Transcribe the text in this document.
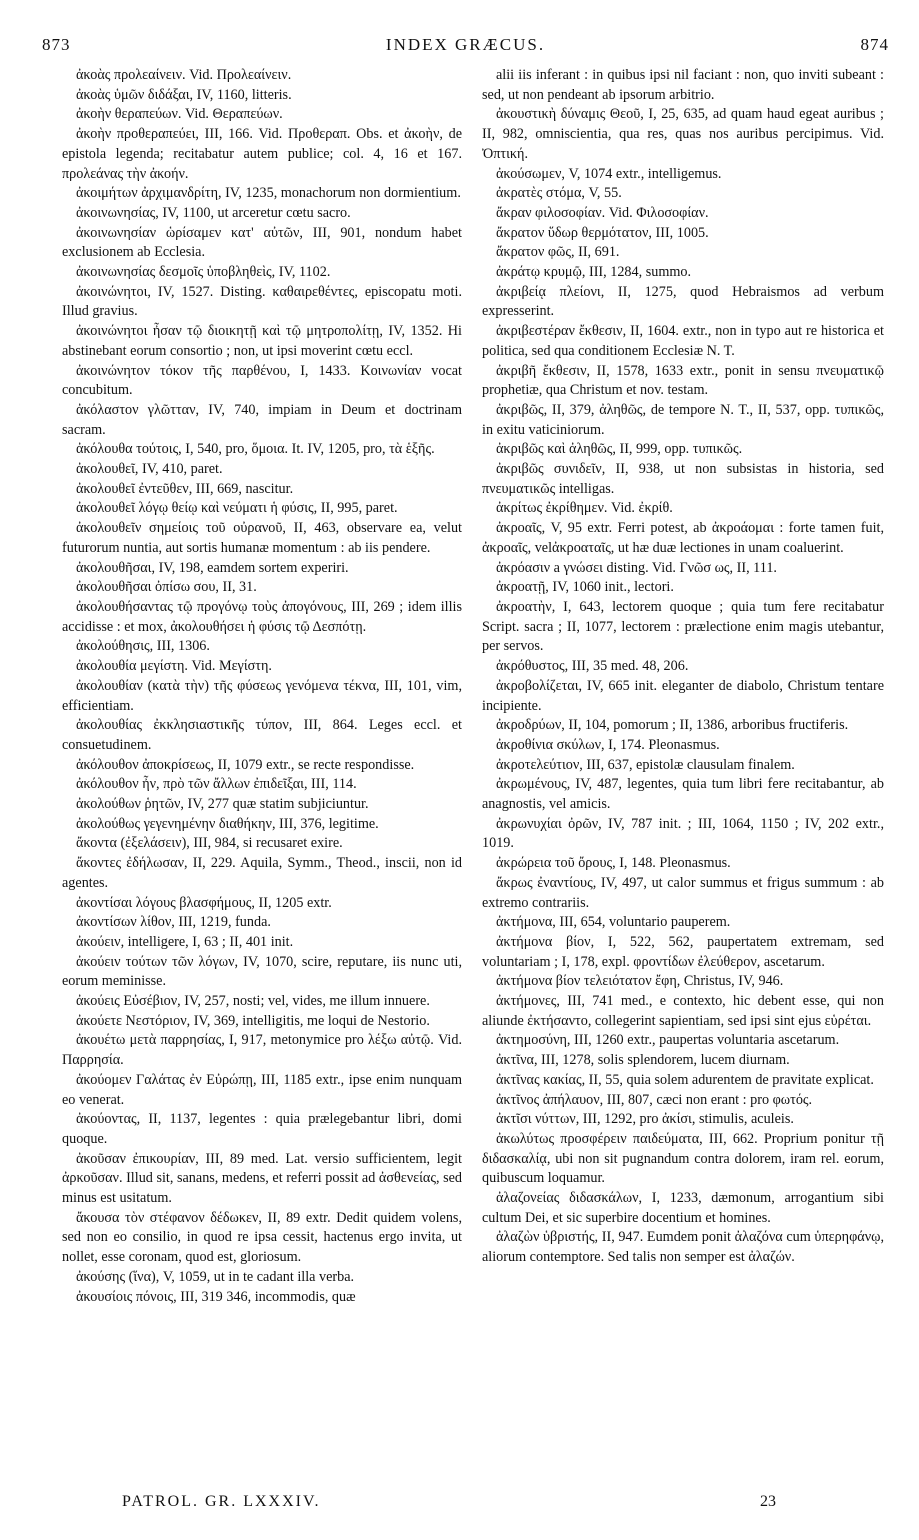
873	INDEX GRÆCUS.	874

ἀκοὰς προλεαίνειν. Vid. Προλεαίνειν.

ἀκοὰς ὑμῶν διδάξαι, IV, 1160, litteris.

ἀκοὴν θεραπεύων. Vid. Θεραπεύων.

ἀκοὴν προθεραπεύει, III, 166. Vid. Προθεραπ. Obs. et ἀκοὴν, de epistola legenda; recitabatur autem publice; col. 4, 16 et 167. προλεάνας τὴν ἀκοήν.

ἀκοιμήτων ἀρχιμανδρίτη, IV, 1235, monachorum non dormientium.

ἀκοινωνησίας, IV, 1100, ut arceretur cœtu sacro.

ἀκοινωνησίαν ὡρίσαμεν κατ' αὐτῶν, III, 901, nondum habet exclusionem ab Ecclesia.

ἀκοινωνησίας δεσμοῖς ὑποβληθεὶς, IV, 1102.

ἀκοινώνητοι, IV, 1527. Disting. καθαιρεθέντες, episcopatu moti. Illud gravius.

ἀκοινώνητοι ἦσαν τῷ διοικητῇ καὶ τῷ μητροπολίτῃ, IV, 1352. Hi abstinebant eorum consortio ; non, ut ipsi moverint cœtu eccl.

ἀκοινώνητον τόκον τῆς παρθένου, I, 1433. Κοινωνίαν vocat concubitum.

ἀκόλαστον γλῶτταν, IV, 740, impiam in Deum et doctrinam sacram.

ἀκόλουθα τούτοις, I, 540, pro, ὅμοια. It. IV, 1205, pro, τὰ ἑξῆς.

ἀκολουθεῖ, IV, 410, paret.

ἀκολουθεῖ ἐντεῦθεν, III, 669, nascitur.

ἀκολουθεῖ λόγῳ θείῳ καὶ νεύματι ἡ φύσις, II, 995, paret.

ἀκολουθεῖν σημείοις τοῦ οὐρανοῦ, II, 463, observare ea, velut futurorum nuntia, aut sortis humanæ momentum : ab iis pendere.

ἀκολουθῆσαι, IV, 198, eamdem sortem experiri.

ἀκολουθῆσαι ὀπίσω σου, II, 31.

ἀκολουθήσαντας τῷ προγόνῳ τοὺς ἀπογόνους, III, 269 ; idem illis accidisse : et mox, ἀκολουθήσει ἡ φύσις τῷ Δεσπότῃ.

ἀκολούθησις, III, 1306.

ἀκολουθία μεγίστη. Vid. Μεγίστη.

ἀκολουθίαν (κατὰ τὴν) τῆς φύσεως γενόμενα τέκνα, III, 101, vim, efficientiam.

ἀκολουθίας ἐκκλησιαστικῆς τύπον, III, 864. Leges eccl. et consuetudinem.

ἀκόλουθον ἀποκρίσεως, II, 1079 extr., se recte respondisse.

ἀκόλουθον ἦν, πρὸ τῶν ἄλλων ἐπιδεῖξαι, III, 114.

ἀκολούθων ῥητῶν, IV, 277 quæ statim subjiciuntur.

ἀκολούθως γεγενημένην διαθήκην, III, 376, legitime.

ἄκοντα (ἐξελάσειν), III, 984, si recusaret exire.

ἄκοντες ἐδήλωσαν, II, 229. Aquila, Symm., Theod., inscii, non id agentes.

ἀκοντίσαι λόγους βλασφήμους, II, 1205 extr.

ἀκοντίσων λίθον, III, 1219, funda.

ἀκούειν, intelligere, I, 63 ; II, 401 init.

ἀκούειν τούτων τῶν λόγων, IV, 1070, scire, reputare, iis nunc uti, eorum meminisse.

ἀκούεις Εὐσέβιον, IV, 257, nosti; vel, vides, me illum innuere.

ἀκούετε Νεστόριον, IV, 369, intelligitis, me loqui de Nestorio.

ἀκουέτω μετὰ παρρησίας, I, 917, metonymice pro λέξω αὐτῷ. Vid. Παρρησία.

ἀκούομεν Γαλάτας ἐν Εὐρώπῃ, III, 1185 extr., ipse enim nunquam eo venerat.

ἀκούοντας, II, 1137, legentes : quia prælegebantur libri, domi quoque.

ἀκοῦσαν ἐπικουρίαν, III, 89 med. Lat. versio sufficientem, legit ἀρκοῦσαν. Illud sit, sanans, medens, et referri possit ad ἀσθενείας, sed minus est usitatum.

ἄκουσα τὸν στέφανον δέδωκεν, II, 89 extr. Dedit quidem volens, sed non eo consilio, in quod re ipsa cessit, hactenus ergo invita, ut nollet, esse coronam, quod est, gloriosum.

ἀκούσης (ἵνα), V, 1059, ut in te cadant illa verba.

ἀκουσίοις πόνοις, III, 319 346, incommodis, quæ

alii iis inferant : in quibus ipsi nil faciant : non, quo inviti subeant : sed, ut non pendeant ab ipsorum arbitrio.

ἀκουστικὴ δύναμις Θεοῦ, I, 25, 635, ad quam haud egeat auribus ; II, 982, omniscientia, qua res, quas nos auribus percipimus. Vid. Ὀπτική.

ἀκούσωμεν, V, 1074 extr., intelligemus.

ἀκρατὲς στόμα, V, 55.

ἄκραν φιλοσοφίαν. Vid. Φιλοσοφίαν.

ἄκρατον ὕδωρ θερμότατον, III, 1005.

ἄκρατον φῶς, II, 691.

ἀκράτῳ κρυμῷ, III, 1284, summo.

ἀκριβείᾳ πλείονι, II, 1275, quod Hebraismos ad verbum expresserint.

ἀκριβεστέραν ἔκθεσιν, II, 1604. extr., non in typo aut re historica et politica, sed qua conditionem Ecclesiæ N. T.

ἀκριβῆ ἔκθεσιν, II, 1578, 1633 extr., ponit in sensu πνευματικῷ prophetiæ, qua Christum et nov. testam.

ἀκριβῶς, II, 379, ἀληθῶς, de tempore N. T., II, 537, opp. τυπικῶς, in exitu vaticiniorum.

ἀκριβῶς καὶ ἀληθῶς, II, 999, opp. τυπικῶς.

ἀκριβῶς συνιδεῖν, II, 938, ut non subsistas in historia, sed πνευματικῶς intelligas.

ἀκρίτως ἐκρίθημεν. Vid. ἐκρίθ.

ἀκροαῖς, V, 95 extr. Ferri potest, ab ἀκροάομαι : forte tamen fuit, ἀκροαῖς, velἀκροαταῖς, ut hæ duæ lectiones in unam coaluerint.

ἀκρόασιν a γνώσει disting. Vid. Γνῶσ ως, II, 111.

ἀκροατῇ, IV, 1060 init., lectori.

ἀκροατὴν, I, 643, lectorem quoque ; quia tum fere recitabatur Script. sacra ; II, 1077, lectorem : prælectione enim magis utebantur, per servos.

ἀκρόθυστος, III, 35 med. 48, 206.

ἀκροβολίζεται, IV, 665 init. eleganter de diabolo, Christum tentare incipiente.

ἀκροδρύων, II, 104, pomorum ; II, 1386, arboribus fructiferis.

ἀκροθίνια σκύλων, I, 174. Pleonasmus.

ἀκροτελεύτιον, III, 637, epistolæ clausulam finalem.

ἀκρωμένους, IV, 487, legentes, quia tum libri fere recitabantur, ab anagnostis, vel amicis.

ἀκρωνυχίαι ὀρῶν, IV, 787 init. ; III, 1064, 1150 ; IV, 202 extr., 1019.

ἀκρώρεια τοῦ ὄρους, I, 148. Pleonasmus.

ἄκρως ἐναντίους, IV, 497, ut calor summus et frigus summum : ab extremo contrariis.

ἀκτήμονα, III, 654, voluntario pauperem.

ἀκτήμονα βίον, I, 522, 562, paupertatem extremam, sed voluntariam ; I, 178, expl. φροντίδων ἐλεύθερον, ascetarum.

ἀκτήμονα βίον τελειότατον ἔφη, Christus, IV, 946.

ἀκτήμονες, III, 741 med., e contexto, hic debent esse, qui non aliunde ἐκτήσαντο, collegerint sapientiam, sed ipsi sint ejus εὑρέται.

ἀκτημοσύνη, III, 1260 extr., paupertas voluntaria ascetarum.

ἀκτῖνα, III, 1278, solis splendorem, lucem diurnam.

ἀκτῖνας κακίας, II, 55, quia solem adurentem de pravitate explicat.

ἀκτῖνος ἀπήλαυον, III, 807, cæci non erant : pro φωτός.

ἀκτῖσι νύττων, III, 1292, pro ἀκίσι, stimulis, aculeis.

ἀκωλύτως προσφέρειν παιδεύματα, III, 662. Proprium ponitur τῇ διδασκαλίᾳ, ubi non sit pugnandum contra dolorem, iram rel. eorum, quibuscum loquamur.

ἀλαζονείας διδασκάλων, I, 1233, dæmonum, arrogantium sibi cultum Dei, et sic superbire docentium et homines.

ἀλαζὼν ὑβριστής, II, 947. Eumdem ponit ἀλαζόνα cum ὑπερηφάνῳ, aliorum contemptore. Sed talis non semper est ἀλαζών.

PATROL. GR. LXXXIV.	23
